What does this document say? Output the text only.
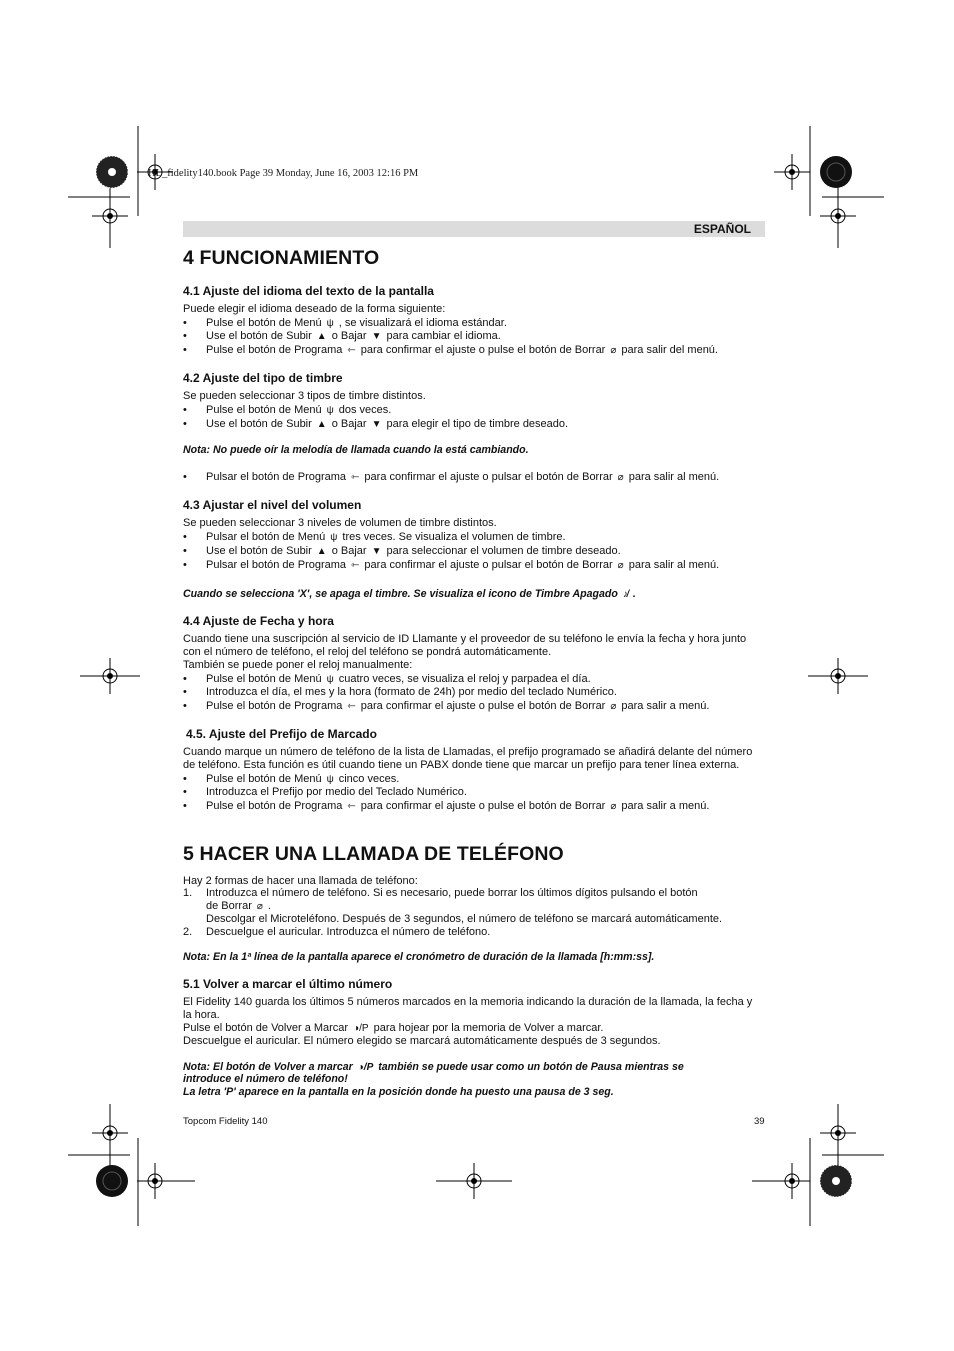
HL_fidelity140.book Page 39 Monday, June 16, 2003 12:16 PM
ESPAÑOL
4 FUNCIONAMIENTO
4.1 Ajuste del idioma del texto de la pantalla
Puede elegir el idioma deseado de la forma siguiente:
• Pulse el botón de Menú ψ , se visualizará el idioma estándar.
• Use el botón de Subir ▲ o Bajar ▼ para cambiar el idioma.
• Pulse el botón de Programa ⇽ para confirmar el ajuste o pulse el botón de Borrar ⌀ para salir del menú.
4.2 Ajuste del tipo de timbre
Se pueden seleccionar 3 tipos de timbre distintos.
• Pulse el botón de Menú ψ dos veces.
• Use el botón de Subir ▲ o Bajar ▼ para elegir el tipo de timbre deseado.
Nota: No puede oír la melodía de llamada cuando la está cambiando.
• Pulsar el botón de Programa ⇽ para confirmar el ajuste o pulsar el botón de Borrar ⌀ para salir al menú.
4.3 Ajustar el nivel del volumen
Se pueden seleccionar 3 niveles de volumen de timbre distintos.
• Pulsar el botón de Menú ψ tres veces. Se visualiza el volumen de timbre.
• Use el botón de Subir ▲ o Bajar ▼ para seleccionar el volumen de timbre deseado.
• Pulsar el botón de Programa ⇽ para confirmar el ajuste o pulsar el botón de Borrar ⌀ para salir al menú.
Cuando se selecciona 'X', se apaga el timbre. Se visualiza el icono de Timbre Apagado ♪̸ .
4.4 Ajuste de Fecha y hora
Cuando tiene una suscripción al servicio de ID Llamante y el proveedor de su teléfono le envía la fecha y hora junto
con el número de teléfono, el reloj del teléfono se pondrá automáticamente.
También se puede poner el reloj manualmente:
• Pulse el botón de Menú ψ cuatro veces, se visualiza el reloj y parpadea el día.
• Introduzca el día, el mes y la hora (formato de 24h) por medio del teclado Numérico.
• Pulse el botón de Programa ⇽ para confirmar el ajuste o pulse el botón de Borrar ⌀ para salir a menú.
4.5. Ajuste del Prefijo de Marcado
Cuando marque un número de teléfono de la lista de Llamadas, el prefijo programado se añadirá delante del número
de teléfono. Esta función es útil cuando tiene un PABX donde tiene que marcar un prefijo para tener línea externa.
• Pulse el botón de Menú ψ cinco veces.
• Introduzca el Prefijo por medio del Teclado Numérico.
• Pulse el botón de Programa ⇽ para confirmar el ajuste o pulse el botón de Borrar ⌀ para salir a menú.
5 HACER UNA LLAMADA DE TELÉFONO
Hay 2 formas de hacer una llamada de teléfono:
1. Introduzca el número de teléfono. Si es necesario, puede borrar los últimos dígitos pulsando el botón
de Borrar ⌀ .
Descolgar el Microteléfono. Después de 3 segundos, el número de teléfono se marcará automáticamente.
2. Descuelgue el auricular. Introduzca el número de teléfono.
Nota: En la 1ª línea de la pantalla aparece el cronómetro de duración de la llamada [h:mm:ss].
5.1 Volver a marcar el último número
El Fidelity 140 guarda los últimos 5 números marcados en la memoria indicando la duración de la llamada, la fecha y
la hora.
Pulse el botón de Volver a Marcar ◑/P para hojear por la memoria de Volver a marcar.
Descuelgue el auricular. El número elegido se marcará automáticamente después de 3 segundos.
Nota: El botón de Volver a marcar ◑/P también se puede usar como un botón de Pausa mientras se
introduce el número de teléfono!
La letra 'P' aparece en la pantalla en la posición donde ha puesto una pausa de 3 seg.
Topcom Fidelity 140	39
